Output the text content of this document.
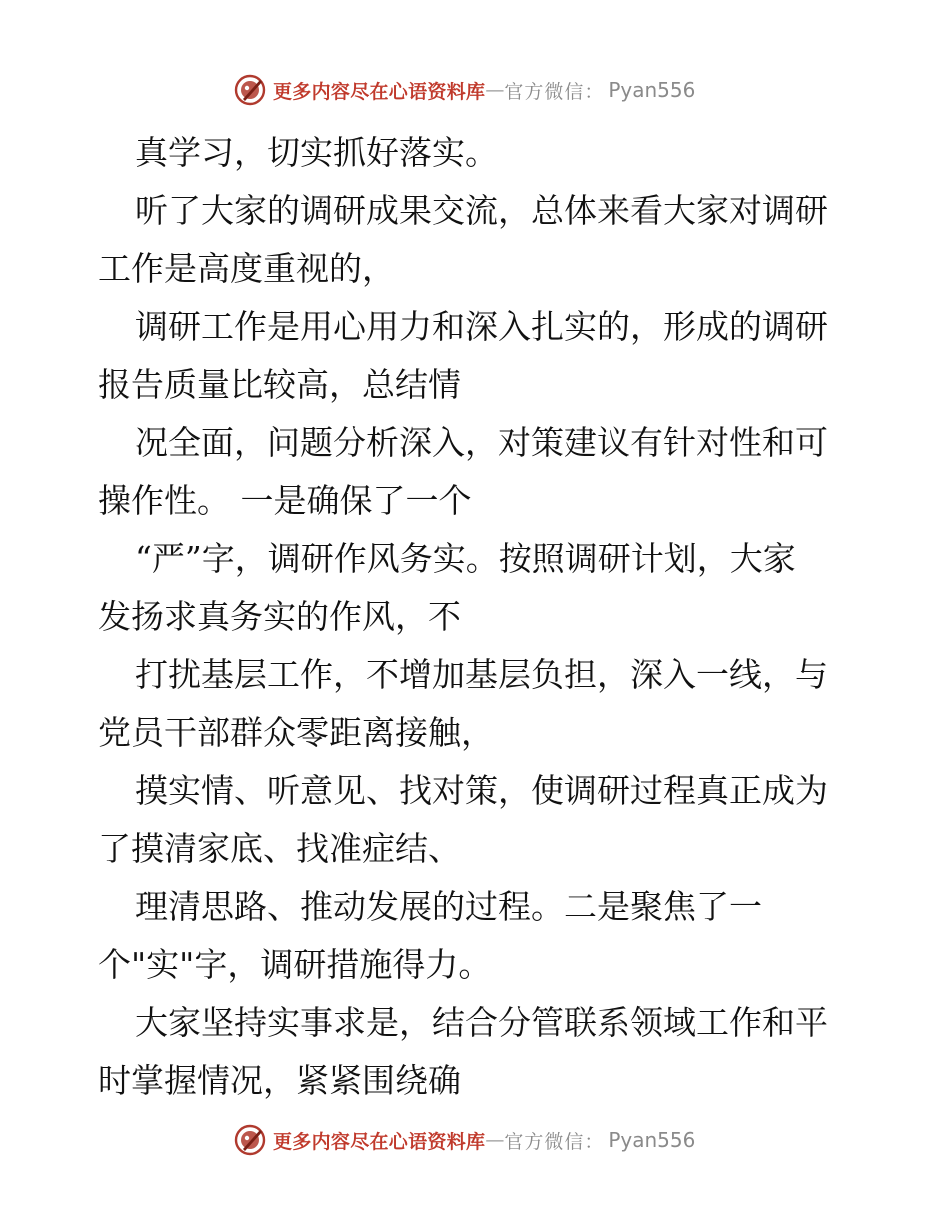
更多内容尽在心语资料库 — 官方微信： Pyan556
真学习，切实抓好落实。
听了大家的调研成果交流，总体来看大家对调研
工作是高度重视的，
调研工作是用心用力和深入扎实的，形成的调研
报告质量比较高，总结情
况全面，问题分析深入，对策建议有针对性和可
操作性。 一是确保了一个
“严”字，调研作风务实。按照调研计划，大家
发扬求真务实的作风，不
打扰基层工作，不增加基层负担，深入一线，与
党员干部群众零距离接触，
摸实情、听意见、找对策，使调研过程真正成为
了摸清家底、找准症结、
理清思路、推动发展的过程。二是聚焦了一
个"实"字，调研措施得力。
大家坚持实事求是，结合分管联系领域工作和平
时掌握情况，紧紧围绕确
更多内容尽在心语资料库 — 官方微信： Pyan556
